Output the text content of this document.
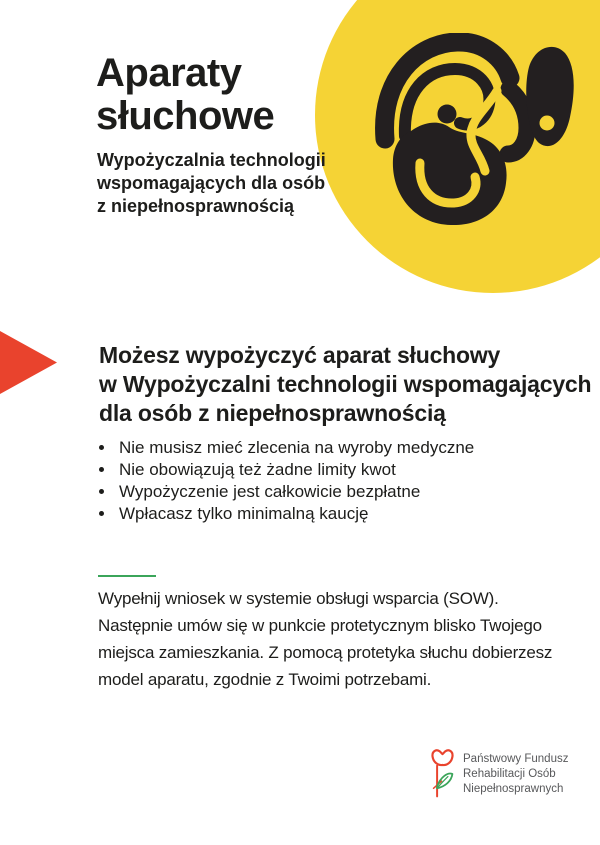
Aparaty
słuchowe
Wypożyczalnia technologii
wspomagających dla osób
z niepełnosprawnością
Możesz wypożyczyć aparat słuchowy
w Wypożyczalni technologii wspomagających
dla osób z niepełnosprawnością
• Nie musisz mieć zlecenia na wyroby medyczne
• Nie obowiązują też żadne limity kwot
• Wypożyczenie jest całkowicie bezpłatne
• Wpłacasz tylko minimalną kaucję
Wypełnij wniosek w systemie obsługi wsparcia (SOW).
Następnie umów się w punkcie protetycznym blisko Twojego
miejsca zamieszkania. Z pomocą protetyka słuchu dobierzesz
model aparatu, zgodnie z Twoimi potrzebami.
Państwowy Fundusz
Rehabilitacji Osób
Niepełnosprawnych
